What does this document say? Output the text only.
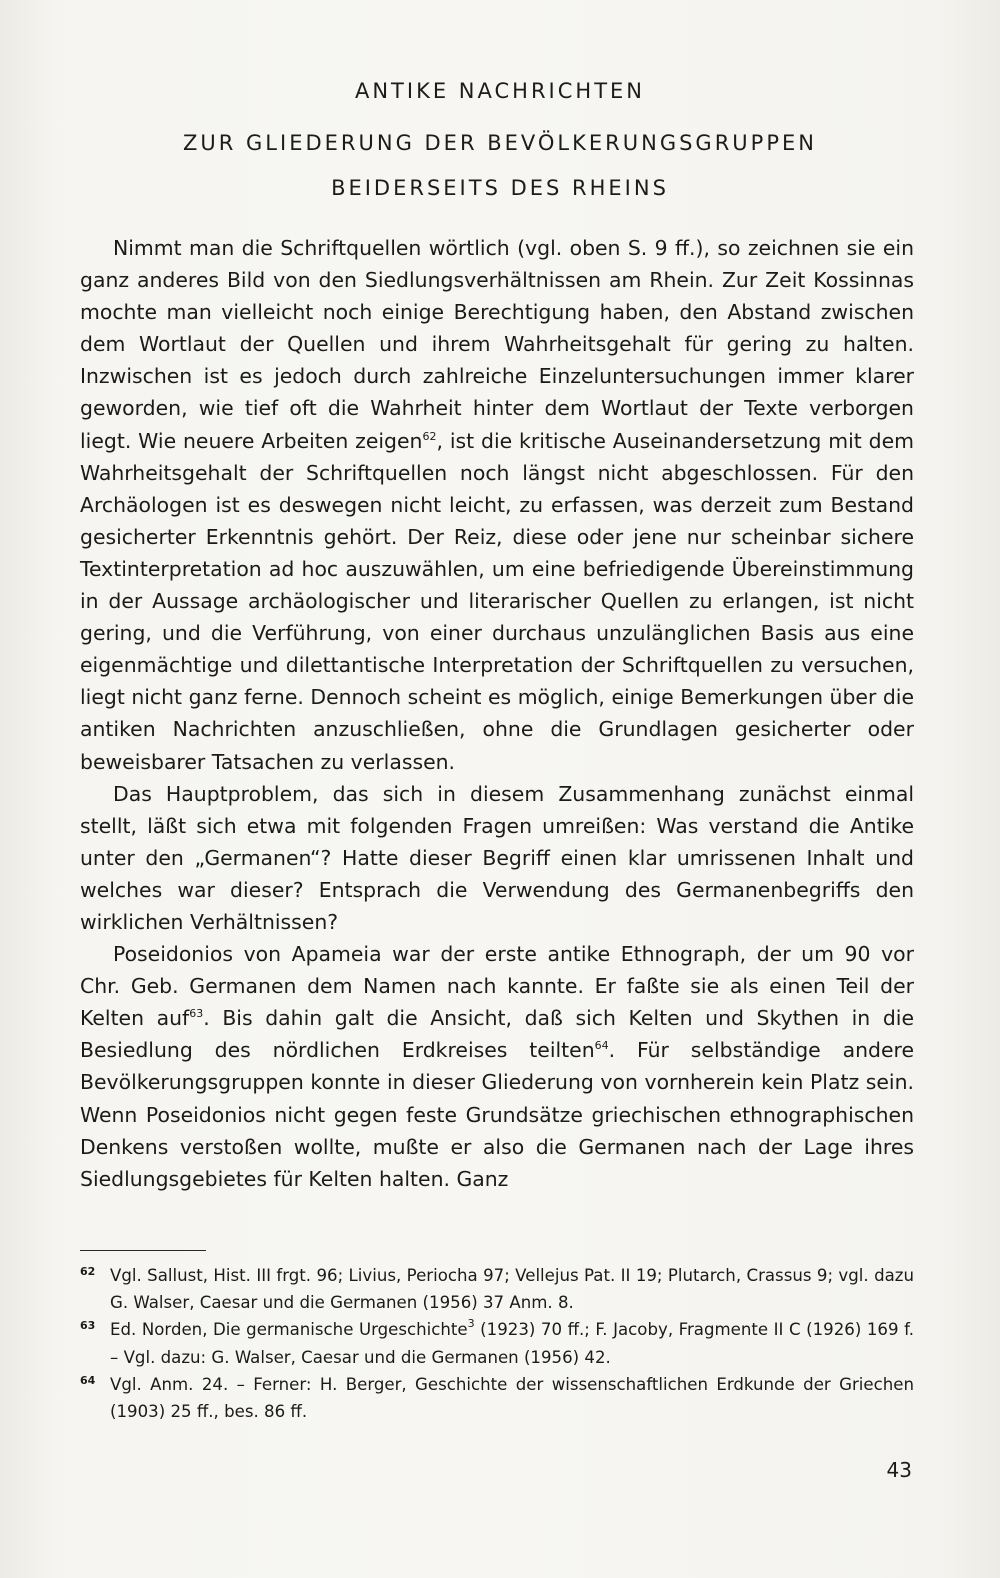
ANTIKE NACHRICHTEN
ZUR GLIEDERUNG DER BEVÖLKERUNGSGRUPPEN
BEIDERSEITS DES RHEINS

Nimmt man die Schriftquellen wörtlich (vgl. oben S. 9 ff.), so zeichnen sie ein ganz anderes Bild von den Siedlungsverhältnissen am Rhein. Zur Zeit Kossinnas mochte man vielleicht noch einige Berechtigung haben, den Abstand zwischen dem Wortlaut der Quellen und ihrem Wahrheitsgehalt für gering zu halten. Inzwischen ist es jedoch durch zahlreiche Einzeluntersuchungen immer klarer geworden, wie tief oft die Wahrheit hinter dem Wortlaut der Texte verborgen liegt. Wie neuere Arbeiten zeigen$^{62}$, ist die kritische Auseinandersetzung mit dem Wahrheitsgehalt der Schriftquellen noch längst nicht abgeschlossen. Für den Archäologen ist es deswegen nicht leicht, zu erfassen, was derzeit zum Bestand gesicherter Erkenntnis gehört. Der Reiz, diese oder jene nur scheinbar sichere Textinterpretation ad hoc auszuwählen, um eine befriedigende Übereinstimmung in der Aussage archäologischer und literarischer Quellen zu erlangen, ist nicht gering, und die Verführung, von einer durchaus unzulänglichen Basis aus eine eigenmächtige und dilettantische Interpretation der Schriftquellen zu versuchen, liegt nicht ganz ferne. Dennoch scheint es möglich, einige Bemerkungen über die antiken Nachrichten anzuschließen, ohne die Grundlagen gesicherter oder beweisbarer Tatsachen zu verlassen.

Das Hauptproblem, das sich in diesem Zusammenhang zunächst einmal stellt, läßt sich etwa mit folgenden Fragen umreißen: Was verstand die Antike unter den „Germanen“? Hatte dieser Begriff einen klar umrissenen Inhalt und welches war dieser? Entsprach die Verwendung des Germanenbegriffs den wirklichen Verhältnissen?

Poseidonios von Apameia war der erste antike Ethnograph, der um 90 vor Chr. Geb. Germanen dem Namen nach kannte. Er faßte sie als einen Teil der Kelten auf$^{63}$. Bis dahin galt die Ansicht, daß sich Kelten und Skythen in die Besiedlung des nördlichen Erdkreises teilten$^{64}$. Für selbständige andere Bevölkerungsgruppen konnte in dieser Gliederung von vornherein kein Platz sein. Wenn Poseidonios nicht gegen feste Grundsätze griechischen ethnographischen Denkens verstoßen wollte, mußte er also die Germanen nach der Lage ihres Siedlungsgebietes für Kelten halten. Ganz

62 Vgl. Sallust, Hist. III frgt. 96; Livius, Periocha 97; Vellejus Pat. II 19; Plutarch, Crassus 9; vgl. dazu G. Walser, Caesar und die Germanen (1956) 37 Anm. 8.

63 Ed. Norden, Die germanische Urgeschichte$^3$ (1923) 70 ff.; F. Jacoby, Fragmente II C (1926) 169 f. – Vgl. dazu: G. Walser, Caesar und die Germanen (1956) 42.

64 Vgl. Anm. 24. – Ferner: H. Berger, Geschichte der wissenschaftlichen Erdkunde der Griechen (1903) 25 ff., bes. 86 ff.

43
